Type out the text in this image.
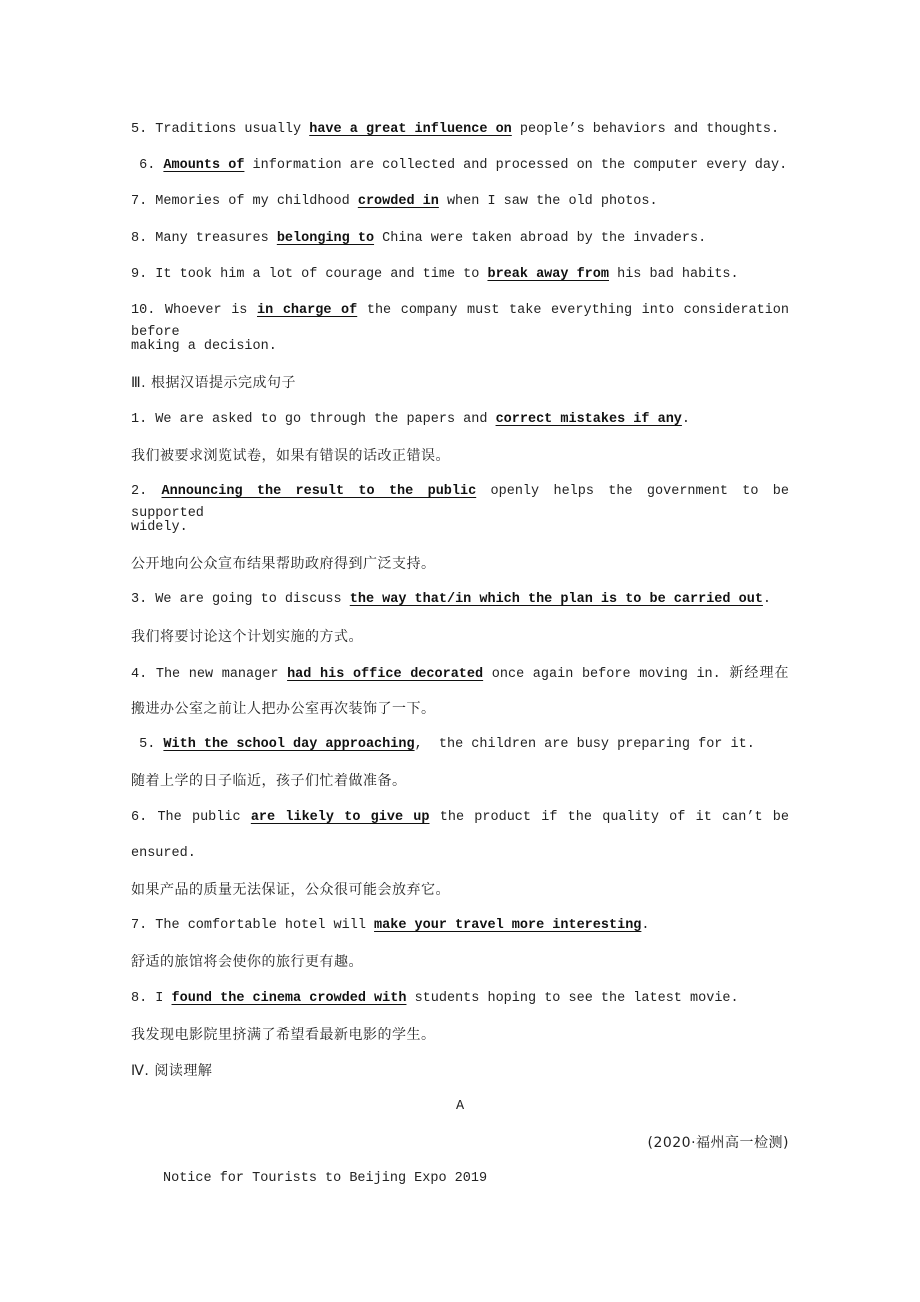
5. Traditions usually have a great influence on people’s behaviors and thoughts.
6. Amounts of information are collected and processed on the computer every day.
7. Memories of my childhood crowded in when I saw the old photos.
8. Many treasures belonging to China were taken abroad by the invaders.
9. It took him a lot of courage and time to break away from his bad habits.
10. Whoever is in charge of the company must take everything into consideration before
making a decision.
Ⅲ. 根据汉语提示完成句子
1. We are asked to go through the papers and correct mistakes if any.
我们被要求浏览试卷，如果有错误的话改正错误。
2. Announcing the result to the public openly helps the government to be supported
widely.
公开地向公众宣布结果帮助政府得到广泛支持。
3. We are going to discuss the way that/in which the plan is to be carried out.
我们将要讨论这个计划实施的方式。
4. The new manager had his office decorated once again before moving in. 新经理在
搬进办公室之前让人把办公室再次装饰了一下。
5. With the school day approaching,  the children are busy preparing for it.
随着上学的日子临近，孩子们忙着做准备。
6. The public are likely to give up the product if the quality of it can’t be
ensured.
如果产品的质量无法保证，公众很可能会放弃它。
7. The comfortable hotel will make your travel more interesting.
舒适的旅馆将会使你的旅行更有趣。
8. I found the cinema crowded with students hoping to see the latest movie.
我发现电影院里挤满了希望看最新电影的学生。
Ⅳ. 阅读理解
A
(2020·福州高一检测)
Notice for Tourists to Beijing Expo 2019
